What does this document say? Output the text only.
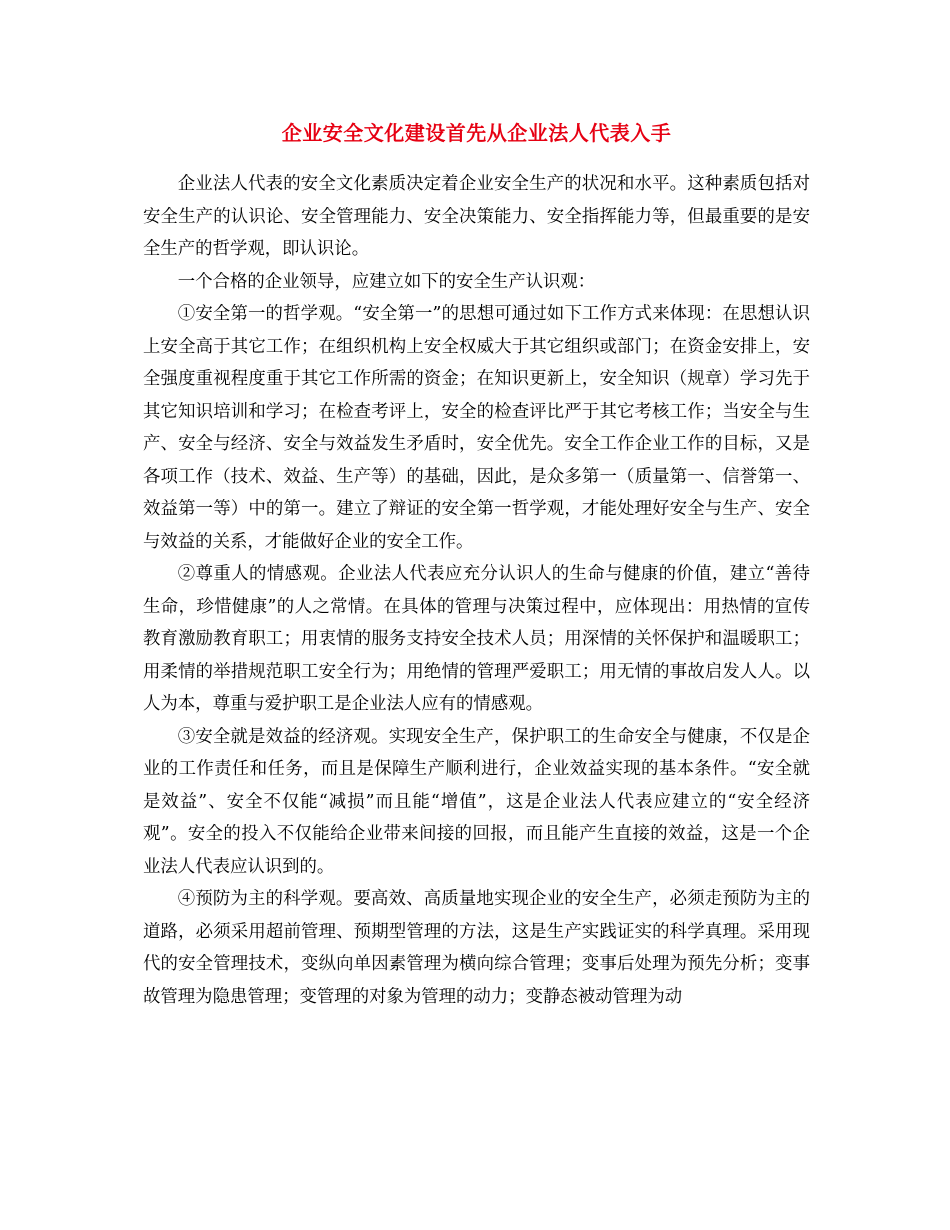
企业安全文化建设首先从企业法人代表入手

企业法人代表的安全文化素质决定着企业安全生产的状况和水平。这种素质包括对安全生产的认识论、安全管理能力、安全决策能力、安全指挥能力等，但最重要的是安全生产的哲学观，即认识论。

一个合格的企业领导，应建立如下的安全生产认识观：

①安全第一的哲学观。“安全第一”的思想可通过如下工作方式来体现：在思想认识上安全高于其它工作；在组织机构上安全权威大于其它组织或部门；在资金安排上，安全强度重视程度重于其它工作所需的资金；在知识更新上，安全知识（规章）学习先于其它知识培训和学习；在检查考评上，安全的检查评比严于其它考核工作；当安全与生产、安全与经济、安全与效益发生矛盾时，安全优先。安全工作企业工作的目标，又是各项工作（技术、效益、生产等）的基础，因此，是众多第一（质量第一、信誉第一、效益第一等）中的第一。建立了辩证的安全第一哲学观，才能处理好安全与生产、安全与效益的关系，才能做好企业的安全工作。

②尊重人的情感观。企业法人代表应充分认识人的生命与健康的价值，建立“善待生命，珍惜健康”的人之常情。在具体的管理与决策过程中，应体现出：用热情的宣传教育激励教育职工；用衷情的服务支持安全技术人员；用深情的关怀保护和温暖职工；用柔情的举措规范职工安全行为；用绝情的管理严爱职工；用无情的事故启发人人。以人为本，尊重与爱护职工是企业法人应有的情感观。

③安全就是效益的经济观。实现安全生产，保护职工的生命安全与健康，不仅是企业的工作责任和任务，而且是保障生产顺利进行，企业效益实现的基本条件。“安全就是效益”、安全不仅能“减损”而且能“增值”，这是企业法人代表应建立的“安全经济观”。安全的投入不仅能给企业带来间接的回报，而且能产生直接的效益，这是一个企业法人代表应认识到的。

④预防为主的科学观。要高效、高质量地实现企业的安全生产，必须走预防为主的道路，必须采用超前管理、预期型管理的方法，这是生产实践证实的科学真理。采用现代的安全管理技术，变纵向单因素管理为横向综合管理；变事后处理为预先分析；变事故管理为隐患管理；变管理的对象为管理的动力；变静态被动管理为动
